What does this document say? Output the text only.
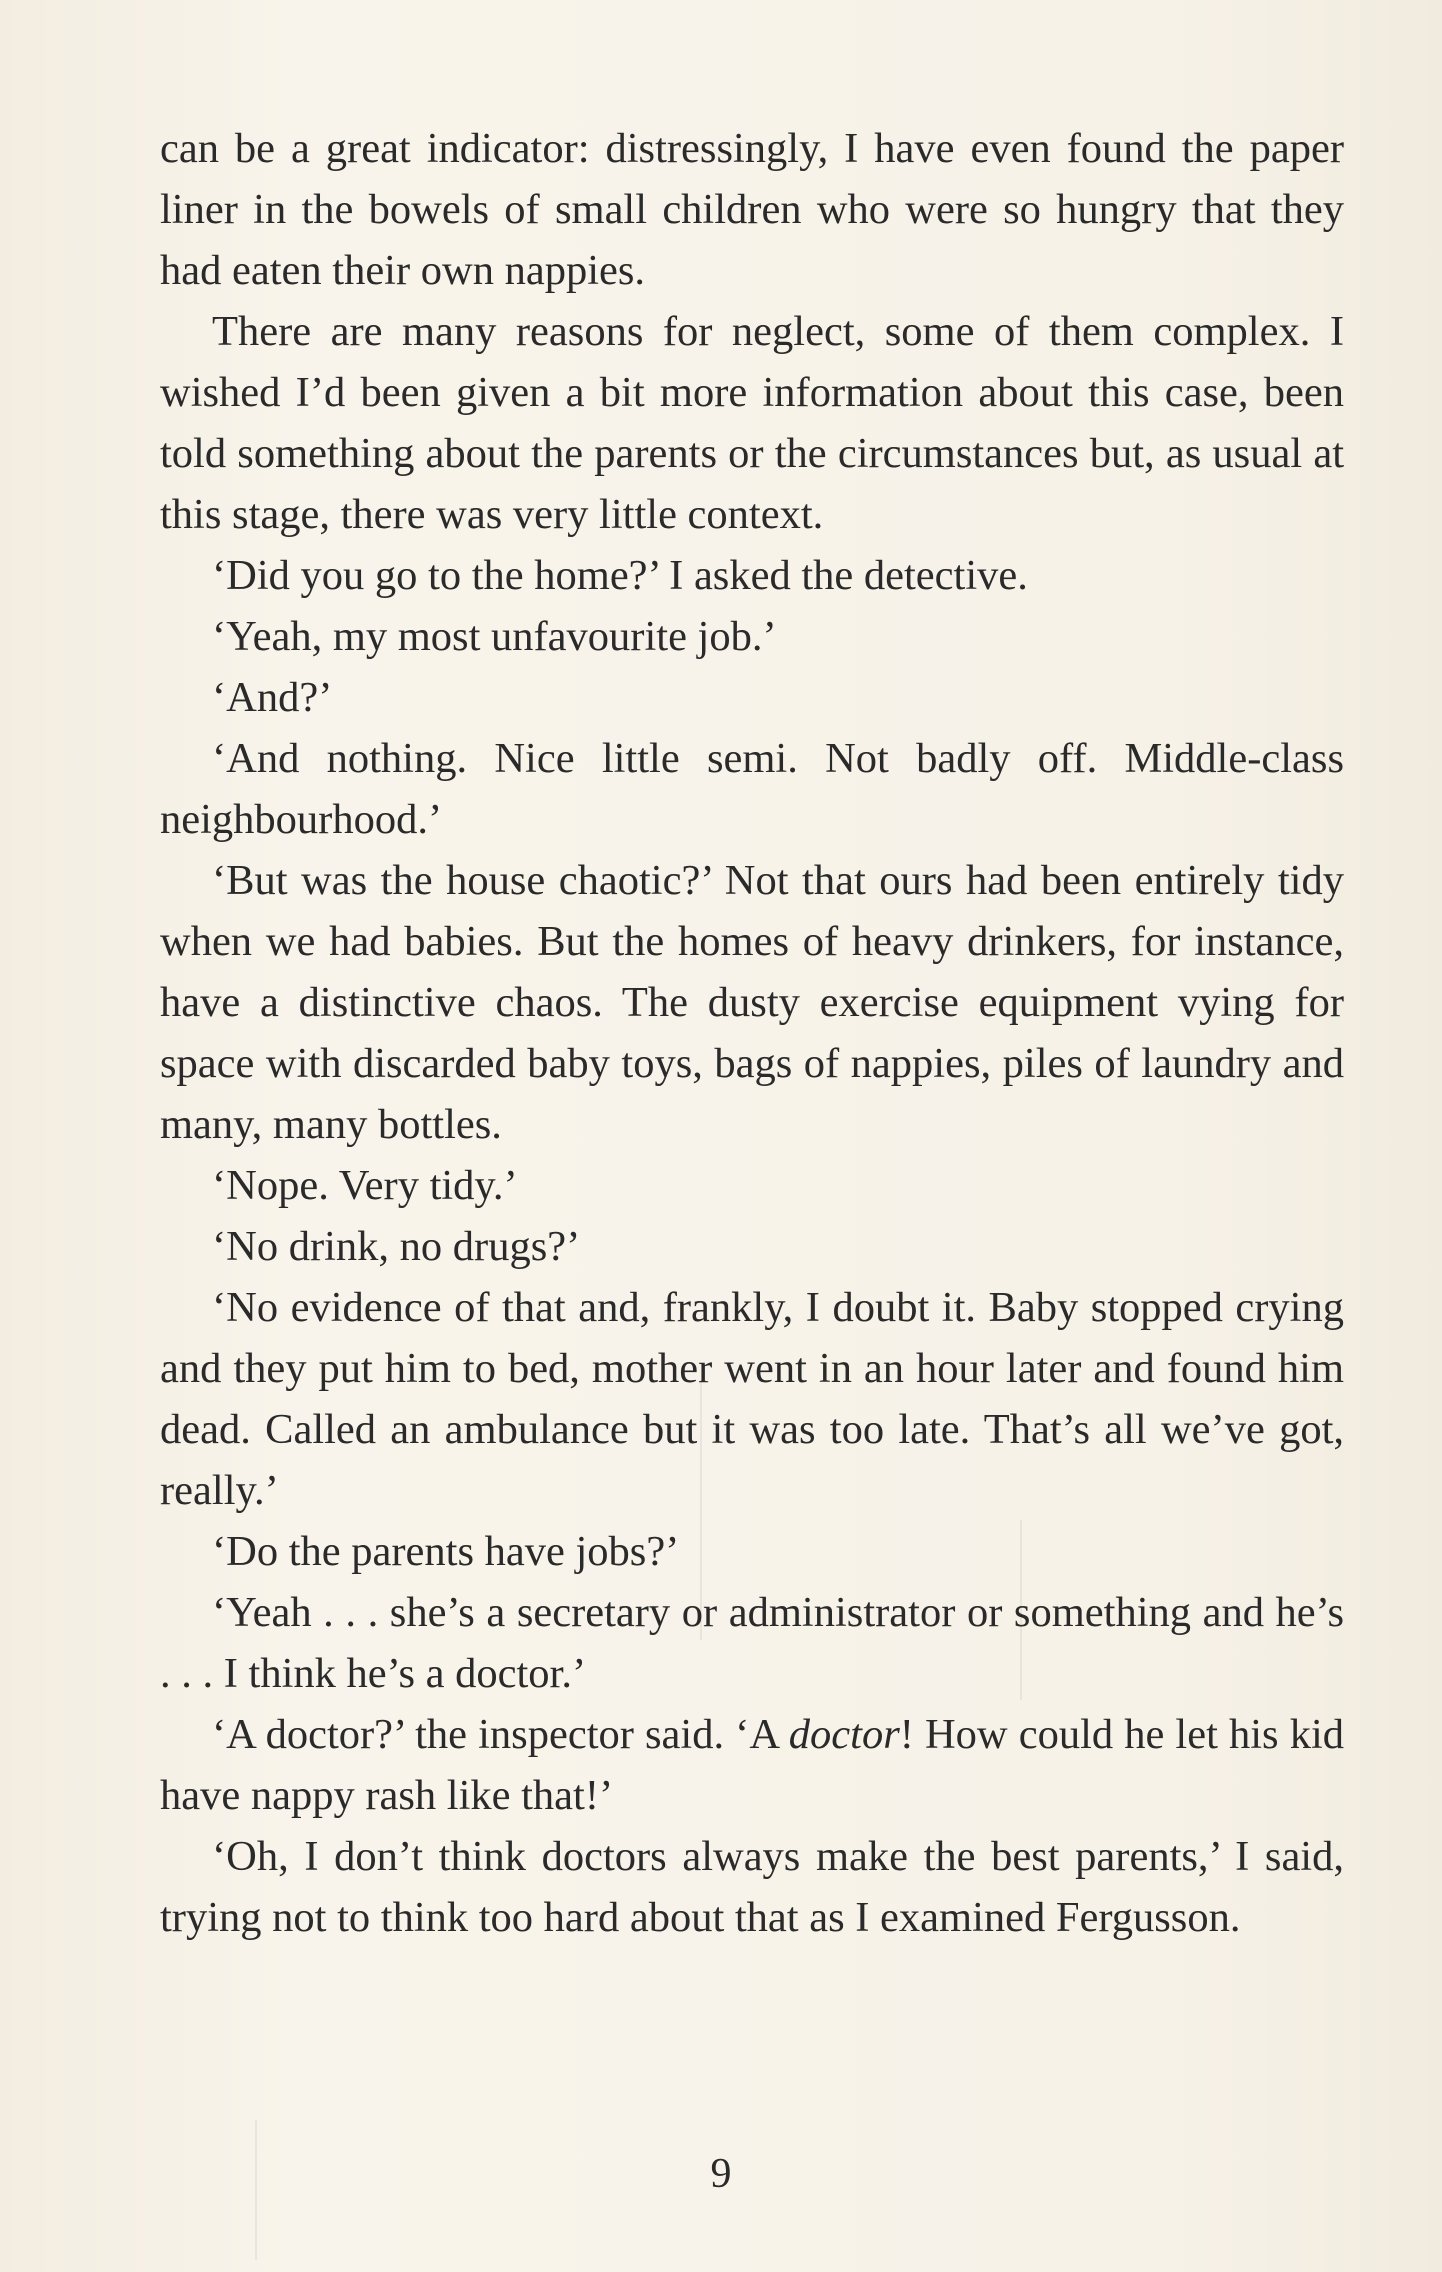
can be a great indicator: distressingly, I have even found the paper liner in the bowels of small children who were so hungry that they had eaten their own nappies.

There are many reasons for neglect, some of them complex. I wished I’d been given a bit more information about this case, been told something about the parents or the circumstances but, as usual at this stage, there was very little context.

‘Did you go to the home?’ I asked the detective.

‘Yeah, my most unfavourite job.’

‘And?’

‘And nothing. Nice little semi. Not badly off. Middle-class neighbourhood.’

‘But was the house chaotic?’ Not that ours had been entirely tidy when we had babies. But the homes of heavy drinkers, for instance, have a distinctive chaos. The dusty exercise equipment vying for space with discarded baby toys, bags of nappies, piles of laundry and many, many bottles.

‘Nope. Very tidy.’

‘No drink, no drugs?’

‘No evidence of that and, frankly, I doubt it. Baby stopped crying and they put him to bed, mother went in an hour later and found him dead. Called an ambulance but it was too late. That’s all we’ve got, really.’

‘Do the parents have jobs?’

‘Yeah . . . she’s a secretary or administrator or something and he’s . . . I think he’s a doctor.’

‘A doctor?’ the inspector said. ‘A doctor! How could he let his kid have nappy rash like that!’

‘Oh, I don’t think doctors always make the best parents,’ I said, trying not to think too hard about that as I examined Fergusson.

9
